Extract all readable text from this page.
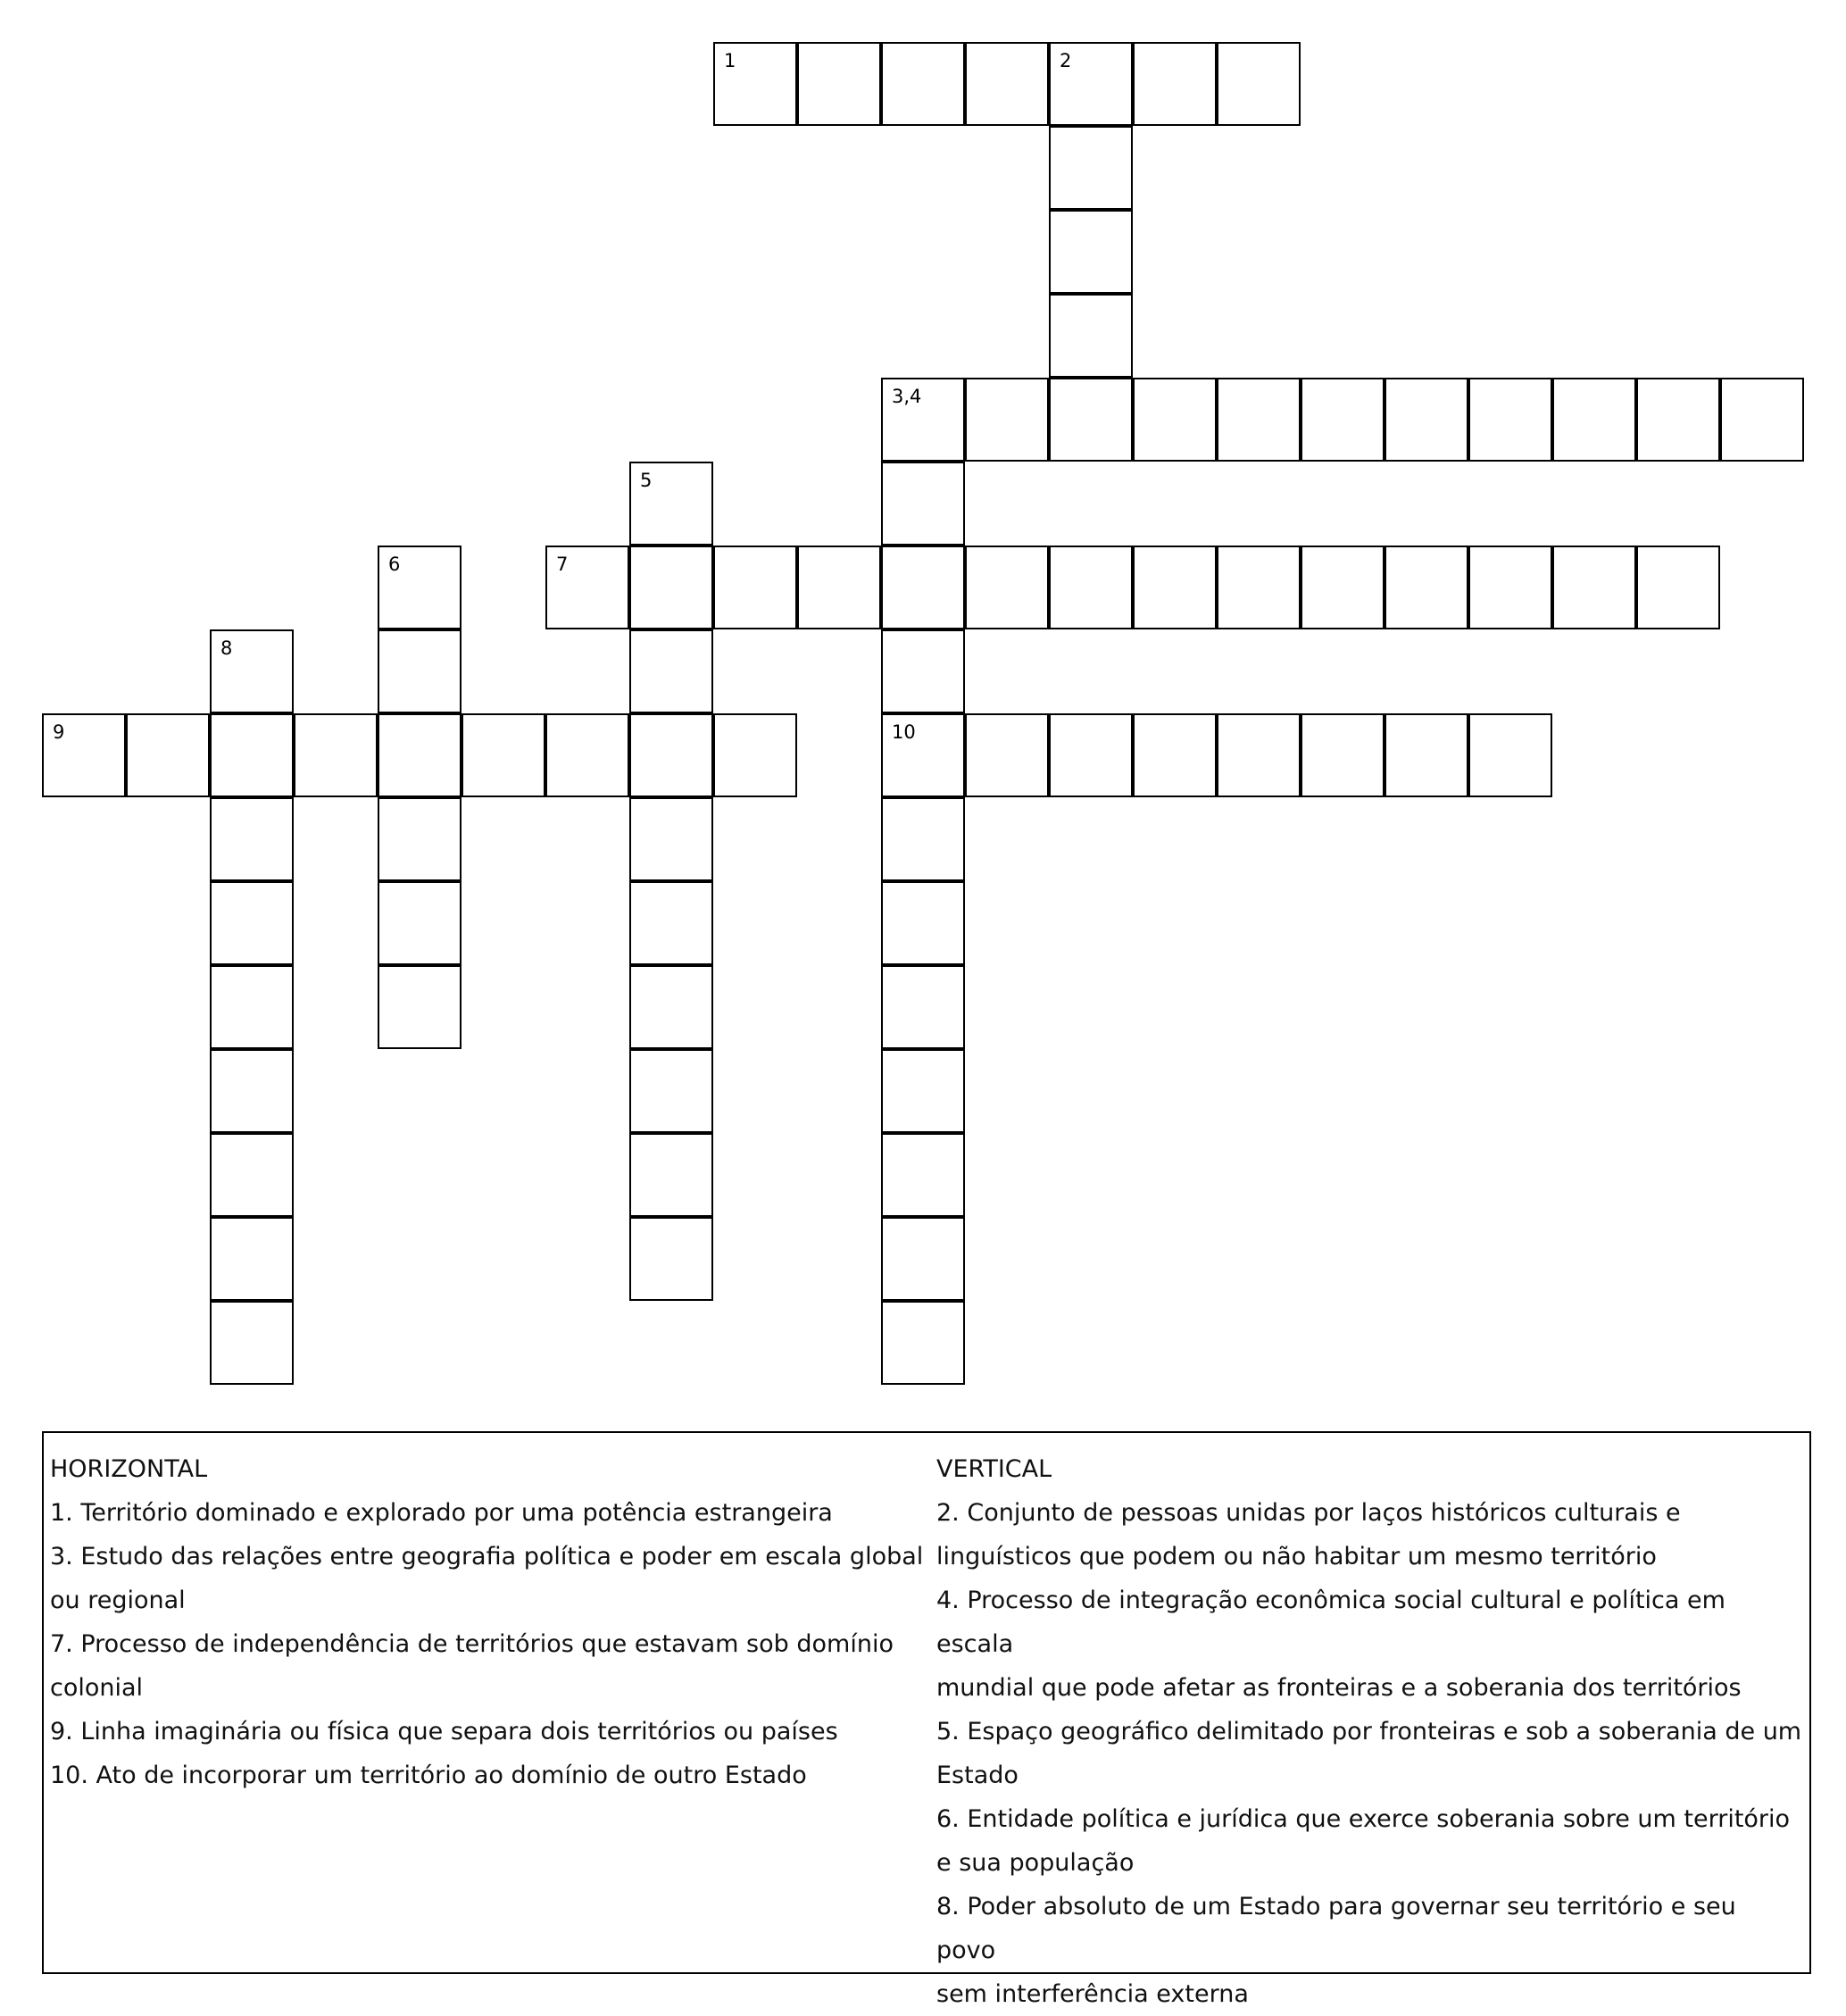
1	2
3,4
5
6	7
8
9	10
HORIZONTAL
1. Território dominado e explorado por uma potência estrangeira
3. Estudo das relações entre geografia política e poder em escala global
ou regional
7. Processo de independência de territórios que estavam sob domínio
colonial
9. Linha imaginária ou física que separa dois territórios ou países
10. Ato de incorporar um território ao domínio de outro Estado
VERTICAL
2. Conjunto de pessoas unidas por laços históricos culturais e
linguísticos que podem ou não habitar um mesmo território
4. Processo de integração econômica social cultural e política em escala
mundial que pode afetar as fronteiras e a soberania dos territórios
5. Espaço geográfico delimitado por fronteiras e sob a soberania de um
Estado
6. Entidade política e jurídica que exerce soberania sobre um território
e sua população
8. Poder absoluto de um Estado para governar seu território e seu povo
sem interferência externa
